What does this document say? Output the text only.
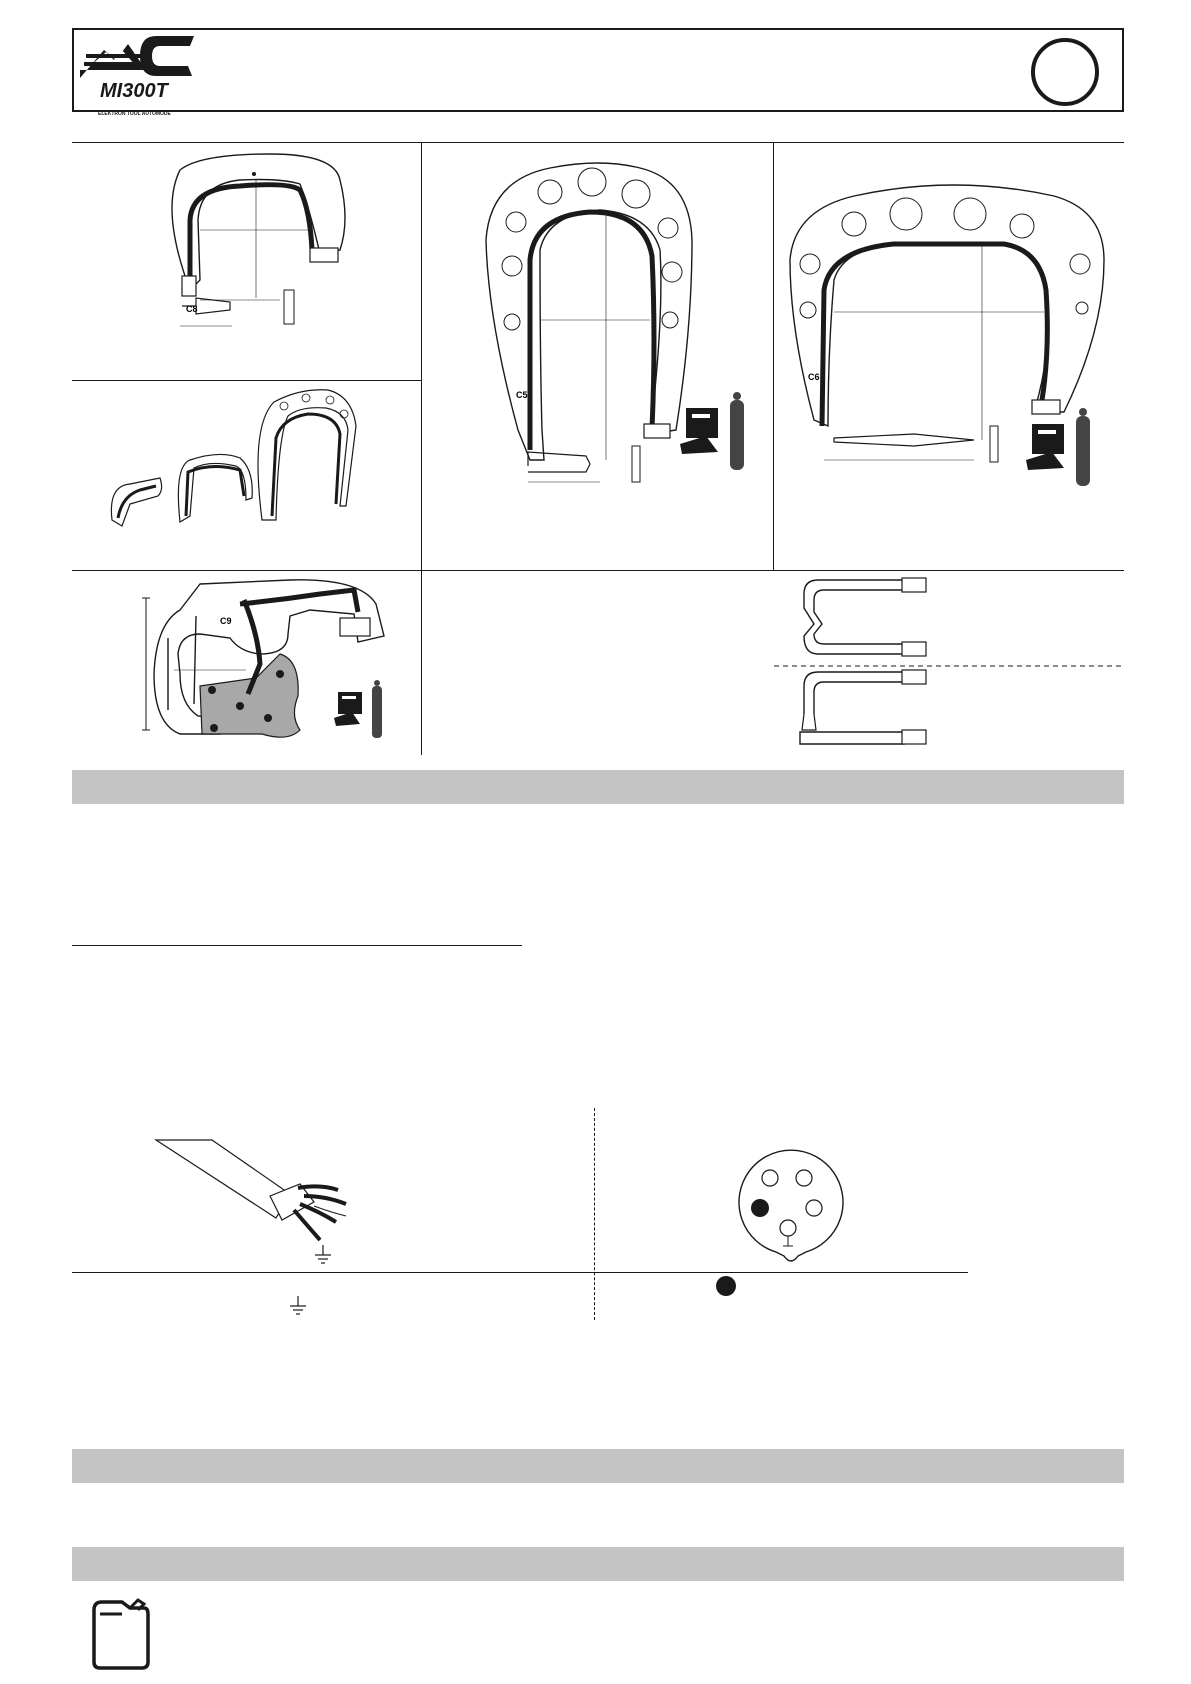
MI300T
ELEKTRON TOOL AUTOMODE
C8
C5
C6
C9
